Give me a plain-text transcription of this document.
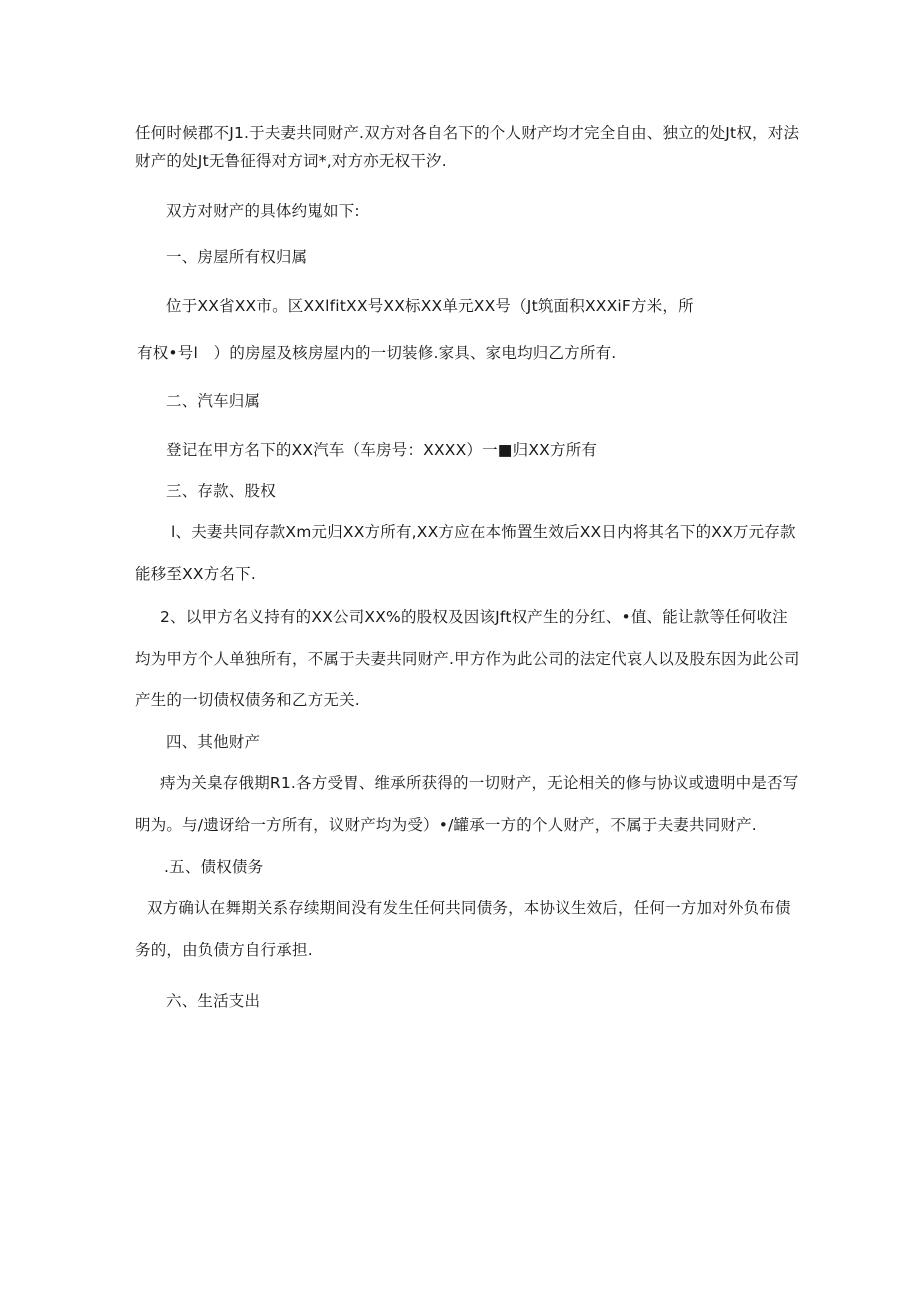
任何时候郡不J1.于夫妻共同财产.双方对各自名下的个人财产均才完全自由、独立的处Jt权，对法
财产的处Jt无鲁征得对方词*,对方亦无权干汐.
双方对财产的具体约嵬如下:
一、房屋所有权归属
位于XX省XX市。区XXlfitXX号XX标XX单元XX号（Jt筑面积XXXiF方米，所
有权•号l　）的房屋及核房屋内的一切装修.家具、家电均归乙方所有.
二、汽车归属
登记在甲方名下的XX汽车（车房号：XXXX）一■归XX方所有
三、存款、股权
l、夫妻共同存款Xm元归XX方所有,XX方应在本怖置生效后XX日内将其名下的XX万元存款
能移至XX方名下.
2、以甲方名义持有的XX公司XX%的股权及因该Jft权产生的分红、•值、能让款等任何收注
均为甲方个人单独所有，不属于夫妻共同财产.甲方作为此公司的法定代哀人以及股东因为此公司
产生的一切债权债务和乙方无关.
四、其他财产
痔为关臬存俄期R1.各方受胃、维承所获得的一切财产，无论相关的修与协议或遗明中是否写
明为。与/遗讶给一方所有，议财产均为受）•/罐承一方的个人财产，不属于夫妻共同财产.
.五、债权债务
双方确认在舞期关系存续期间没有发生任何共同债务，本协议生效后，任何一方加对外负布债
务的，由负债方自行承担.
六、生活支出
